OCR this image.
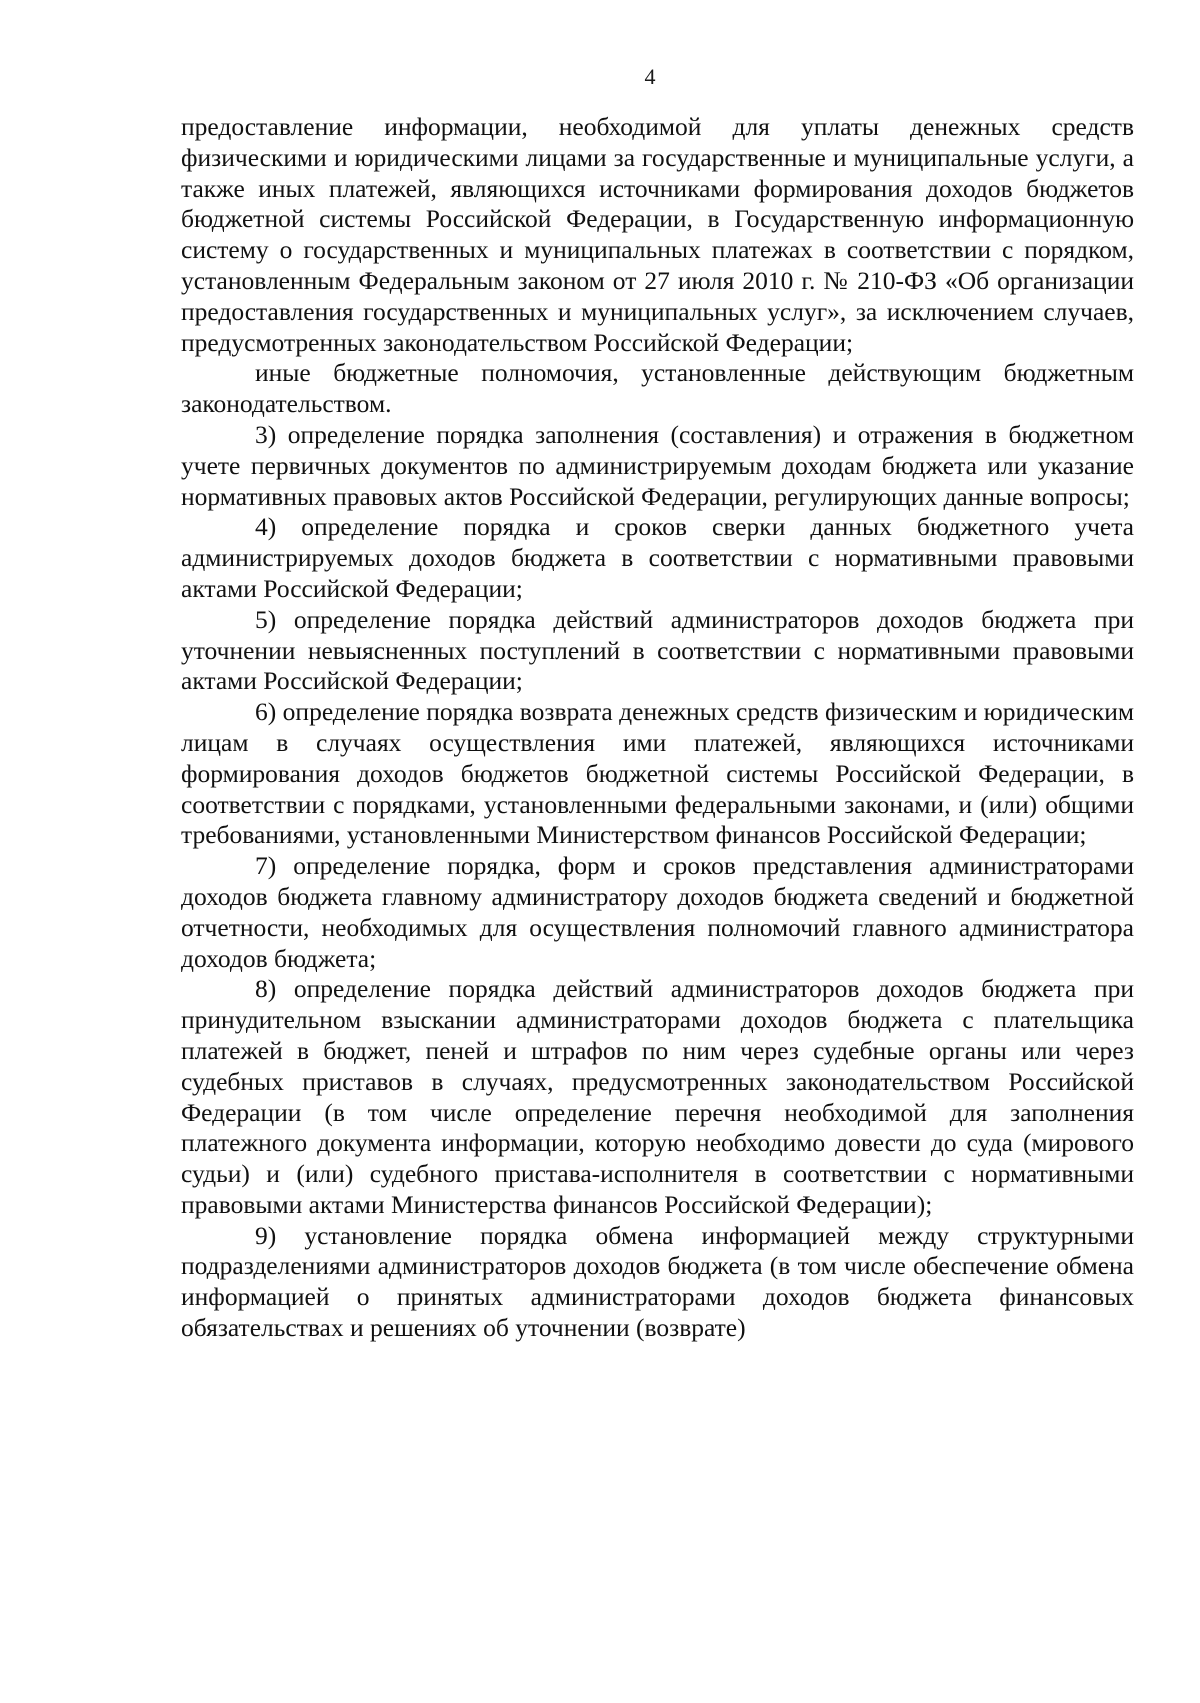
4

предоставление информации, необходимой для уплаты денежных средств физическими и юридическими лицами за государственные и муниципальные услуги, а также иных платежей, являющихся источниками формирования доходов бюджетов бюджетной системы Российской Федерации, в Государственную информационную систему о государственных и муниципальных платежах в соответствии с порядком, установленным Федеральным законом от 27 июля 2010 г. № 210-ФЗ «Об организации предоставления государственных и муниципальных услуг», за исключением случаев, предусмотренных законодательством Российской Федерации;

иные бюджетные полномочия, установленные действующим бюджетным законодательством.

3) определение порядка заполнения (составления) и отражения в бюджетном учете первичных документов по администрируемым доходам бюджета или указание нормативных правовых актов Российской Федерации, регулирующих данные вопросы;

4) определение порядка и сроков сверки данных бюджетного учета администрируемых доходов бюджета в соответствии с нормативными правовыми актами Российской Федерации;

5) определение порядка действий администраторов доходов бюджета при уточнении невыясненных поступлений в соответствии с нормативными правовыми актами Российской Федерации;

6) определение порядка возврата денежных средств физическим и юридическим лицам в случаях осуществления ими платежей, являющихся источниками формирования доходов бюджетов бюджетной системы Российской Федерации, в соответствии с порядками, установленными федеральными законами, и (или) общими требованиями, установленными Министерством финансов Российской Федерации;

7) определение порядка, форм и сроков представления администраторами доходов бюджета главному администратору доходов бюджета сведений и бюджетной отчетности, необходимых для осуществления полномочий главного администратора доходов бюджета;

8) определение порядка действий администраторов доходов бюджета при принудительном взыскании администраторами доходов бюджета с плательщика платежей в бюджет, пеней и штрафов по ним через судебные органы или через судебных приставов в случаях, предусмотренных законодательством Российской Федерации (в том числе определение перечня необходимой для заполнения платежного документа информации, которую необходимо довести до суда (мирового судьи) и (или) судебного пристава-исполнителя в соответствии с нормативными правовыми актами Министерства финансов Российской Федерации);

9) установление порядка обмена информацией между структурными подразделениями администраторов доходов бюджета (в том числе обеспечение обмена информацией о принятых администраторами доходов бюджета финансовых обязательствах и решениях об уточнении (возврате)
